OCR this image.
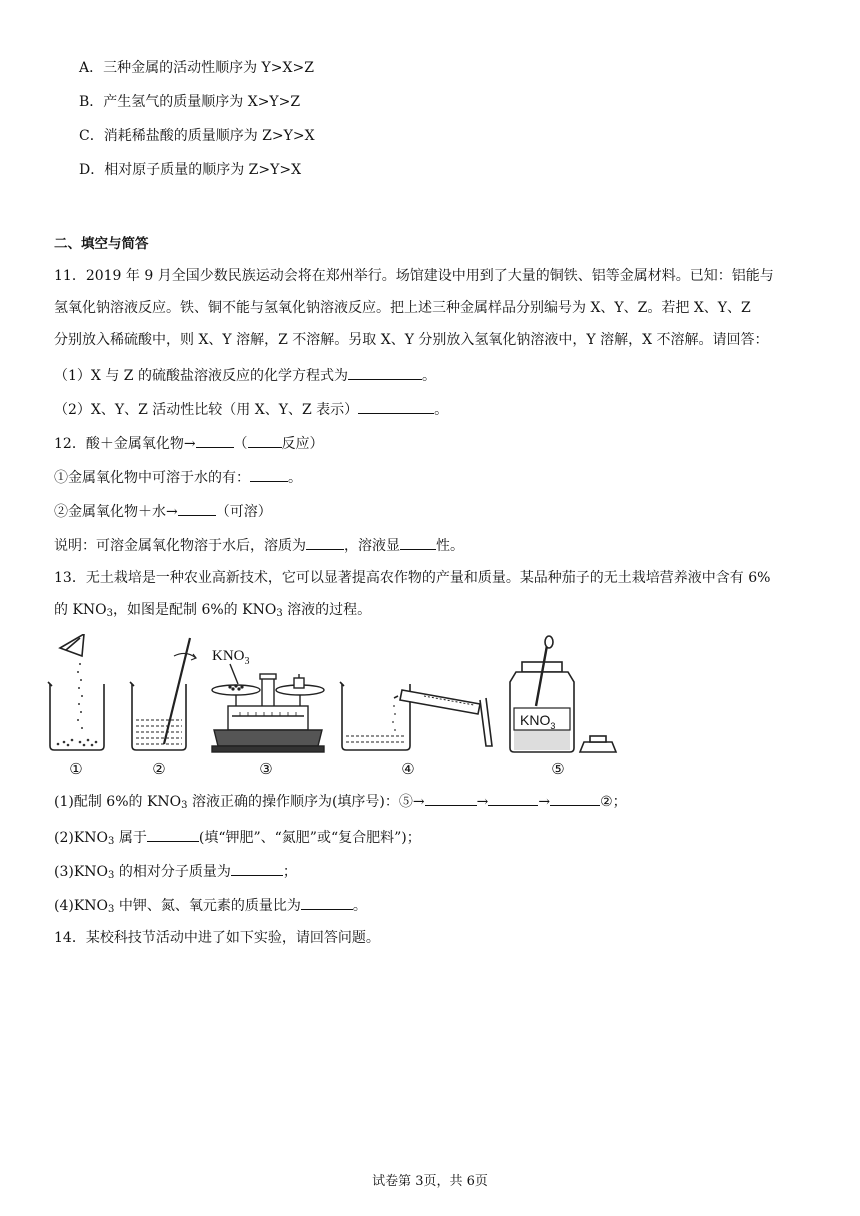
A．三种金属的活动性顺序为 Y>X>Z
B．产生氢气的质量顺序为 X>Y>Z
C．消耗稀盐酸的质量顺序为 Z>Y>X
D．相对原子质量的顺序为 Z>Y>X
二、填空与简答
11．2019 年 9 月全国少数民族运动会将在郑州举行。场馆建设中用到了大量的铜铁、铝等金属材料。已知：铝能与
氢氧化钠溶液反应。铁、铜不能与氢氧化钠溶液反应。把上述三种金属样品分别编号为 X、Y、Z。若把 X、Y、Z
分别放入稀硫酸中，则 X、Y 溶解，Z 不溶解。另取 X、Y 分别放入氢氧化钠溶液中，Y 溶解，X 不溶解。请回答：
（1）X 与 Z 的硫酸盐溶液反应的化学方程式为	。
（2）X、Y、Z 活动性比较（用 X、Y、Z 表示）	。
12．酸＋金属氧化物→	（ 反应）
①金属氧化物中可溶于水的有：	。
②金属氧化物＋水→	（可溶）
说明：可溶金属氧化物溶于水后，溶质为	，溶液显	性。
13．无土栽培是一种农业高新技术，它可以显著提高农作物的产量和质量。某品种茄子的无土栽培营养液中含有 6%
的 $KNO_3$，如图是配制 6%的 $KNO_3$ 溶液的过程。
$KNO_3$
$KNO_3$
①	②	③	④	⑤
(1)配制 6%的 $KNO_3$ 溶液正确的操作顺序为(填序号)：⑤→	→	→	②；
$(2)KNO_3$ 属于	(填“钾肥”、“氮肥”或“复合肥料”)；
$(3)KNO_3$ 的相对分子质量为	；
$(4)KNO_3$ 中钾、氮、氧元素的质量比为	。
14．某校科技节活动中进了如下实验，请回答问题。
试卷第 3页，共 6页
